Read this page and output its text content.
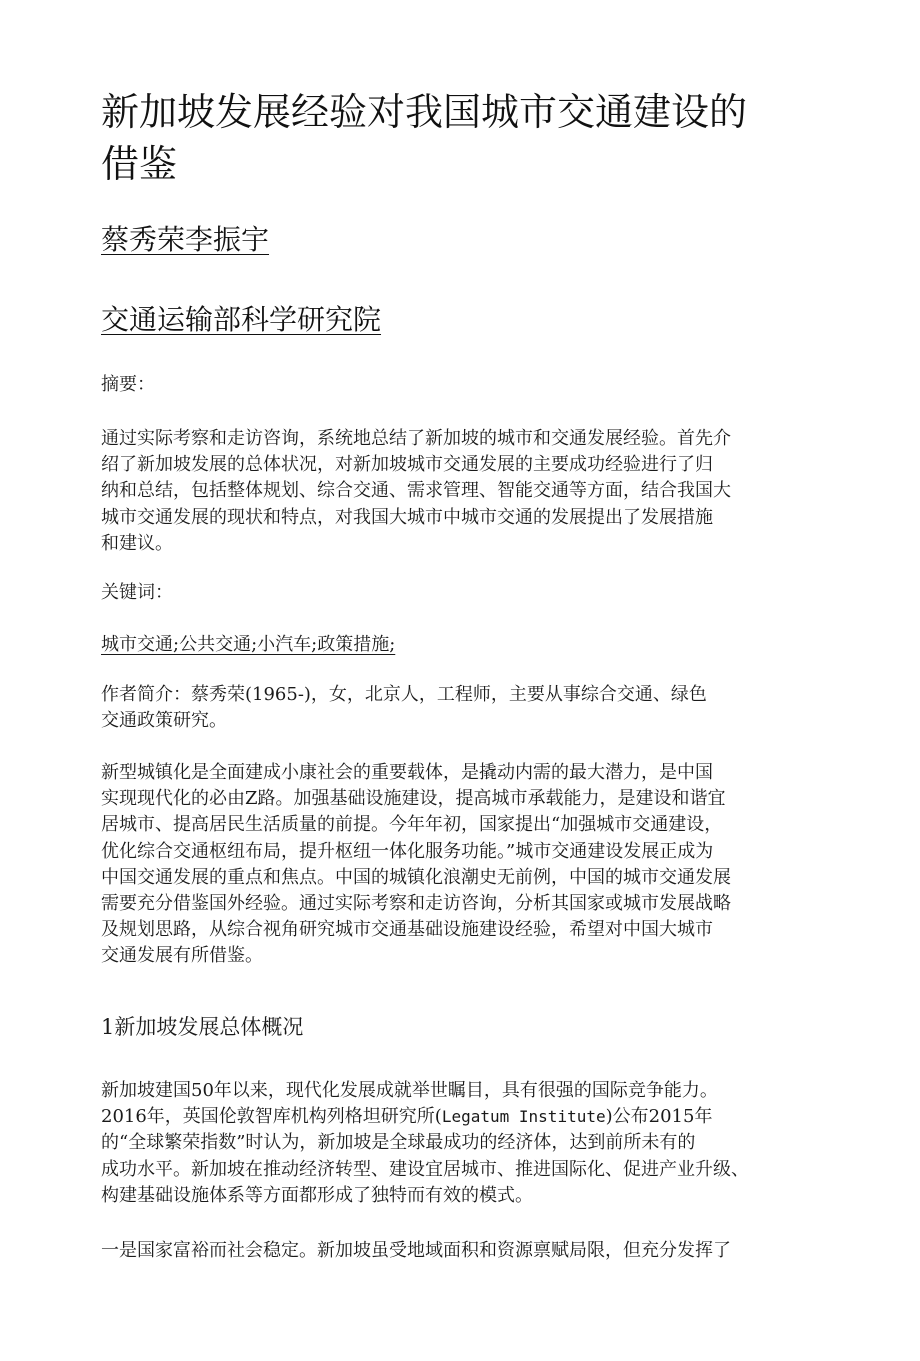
新加坡发展经验对我国城市交通建设的
借鉴
蔡秀荣李振宇
交通运输部科学研究院
摘要：
通过实际考察和走访咨询，系统地总结了新加坡的城市和交通发展经验。首先介
绍了新加坡发展的总体状况，对新加坡城市交通发展的主要成功经验进行了归
纳和总结，包括整体规划、综合交通、需求管理、智能交通等方面，结合我国大
城市交通发展的现状和特点，对我国大城市中城市交通的发展提出了发展措施
和建议。
关键词：
城市交通;公共交通;小汽车;政策措施;
作者简介：蔡秀荣(1965-)，女，北京人，工程师，主要从事综合交通、绿色
交通政策研究。
新型城镇化是全面建成小康社会的重要载体，是撬动内需的最大潜力，是中国
实现现代化的必由Z路。加强基础设施建设，提高城市承载能力，是建设和谐宜
居城市、提高居民生活质量的前提。今年年初，国家提出“加强城市交通建设，
优化综合交通枢纽布局，提升枢纽一体化服务功能。”城市交通建设发展正成为
中国交通发展的重点和焦点。中国的城镇化浪潮史无前例，中国的城市交通发展
需要充分借鉴国外经验。通过实际考察和走访咨询，分析其国家或城市发展战略
及规划思路，从综合视角研究城市交通基础设施建设经验，希望对中国大城市
交通发展有所借鉴。
1新加坡发展总体概况
新加坡建国50年以来，现代化发展成就举世瞩目，具有很强的国际竞争能力。
2016年，英国伦敦智库机构列格坦研究所(Legatum Institute)公布2015年
的“全球繁荣指数”时认为，新加坡是全球最成功的经济体，达到前所未有的
成功水平。新加坡在推动经济转型、建设宜居城市、推进国际化、促进产业升级、
构建基础设施体系等方面都形成了独特而有效的模式。
一是国家富裕而社会稳定。新加坡虽受地域面积和资源禀赋局限，但充分发挥了
